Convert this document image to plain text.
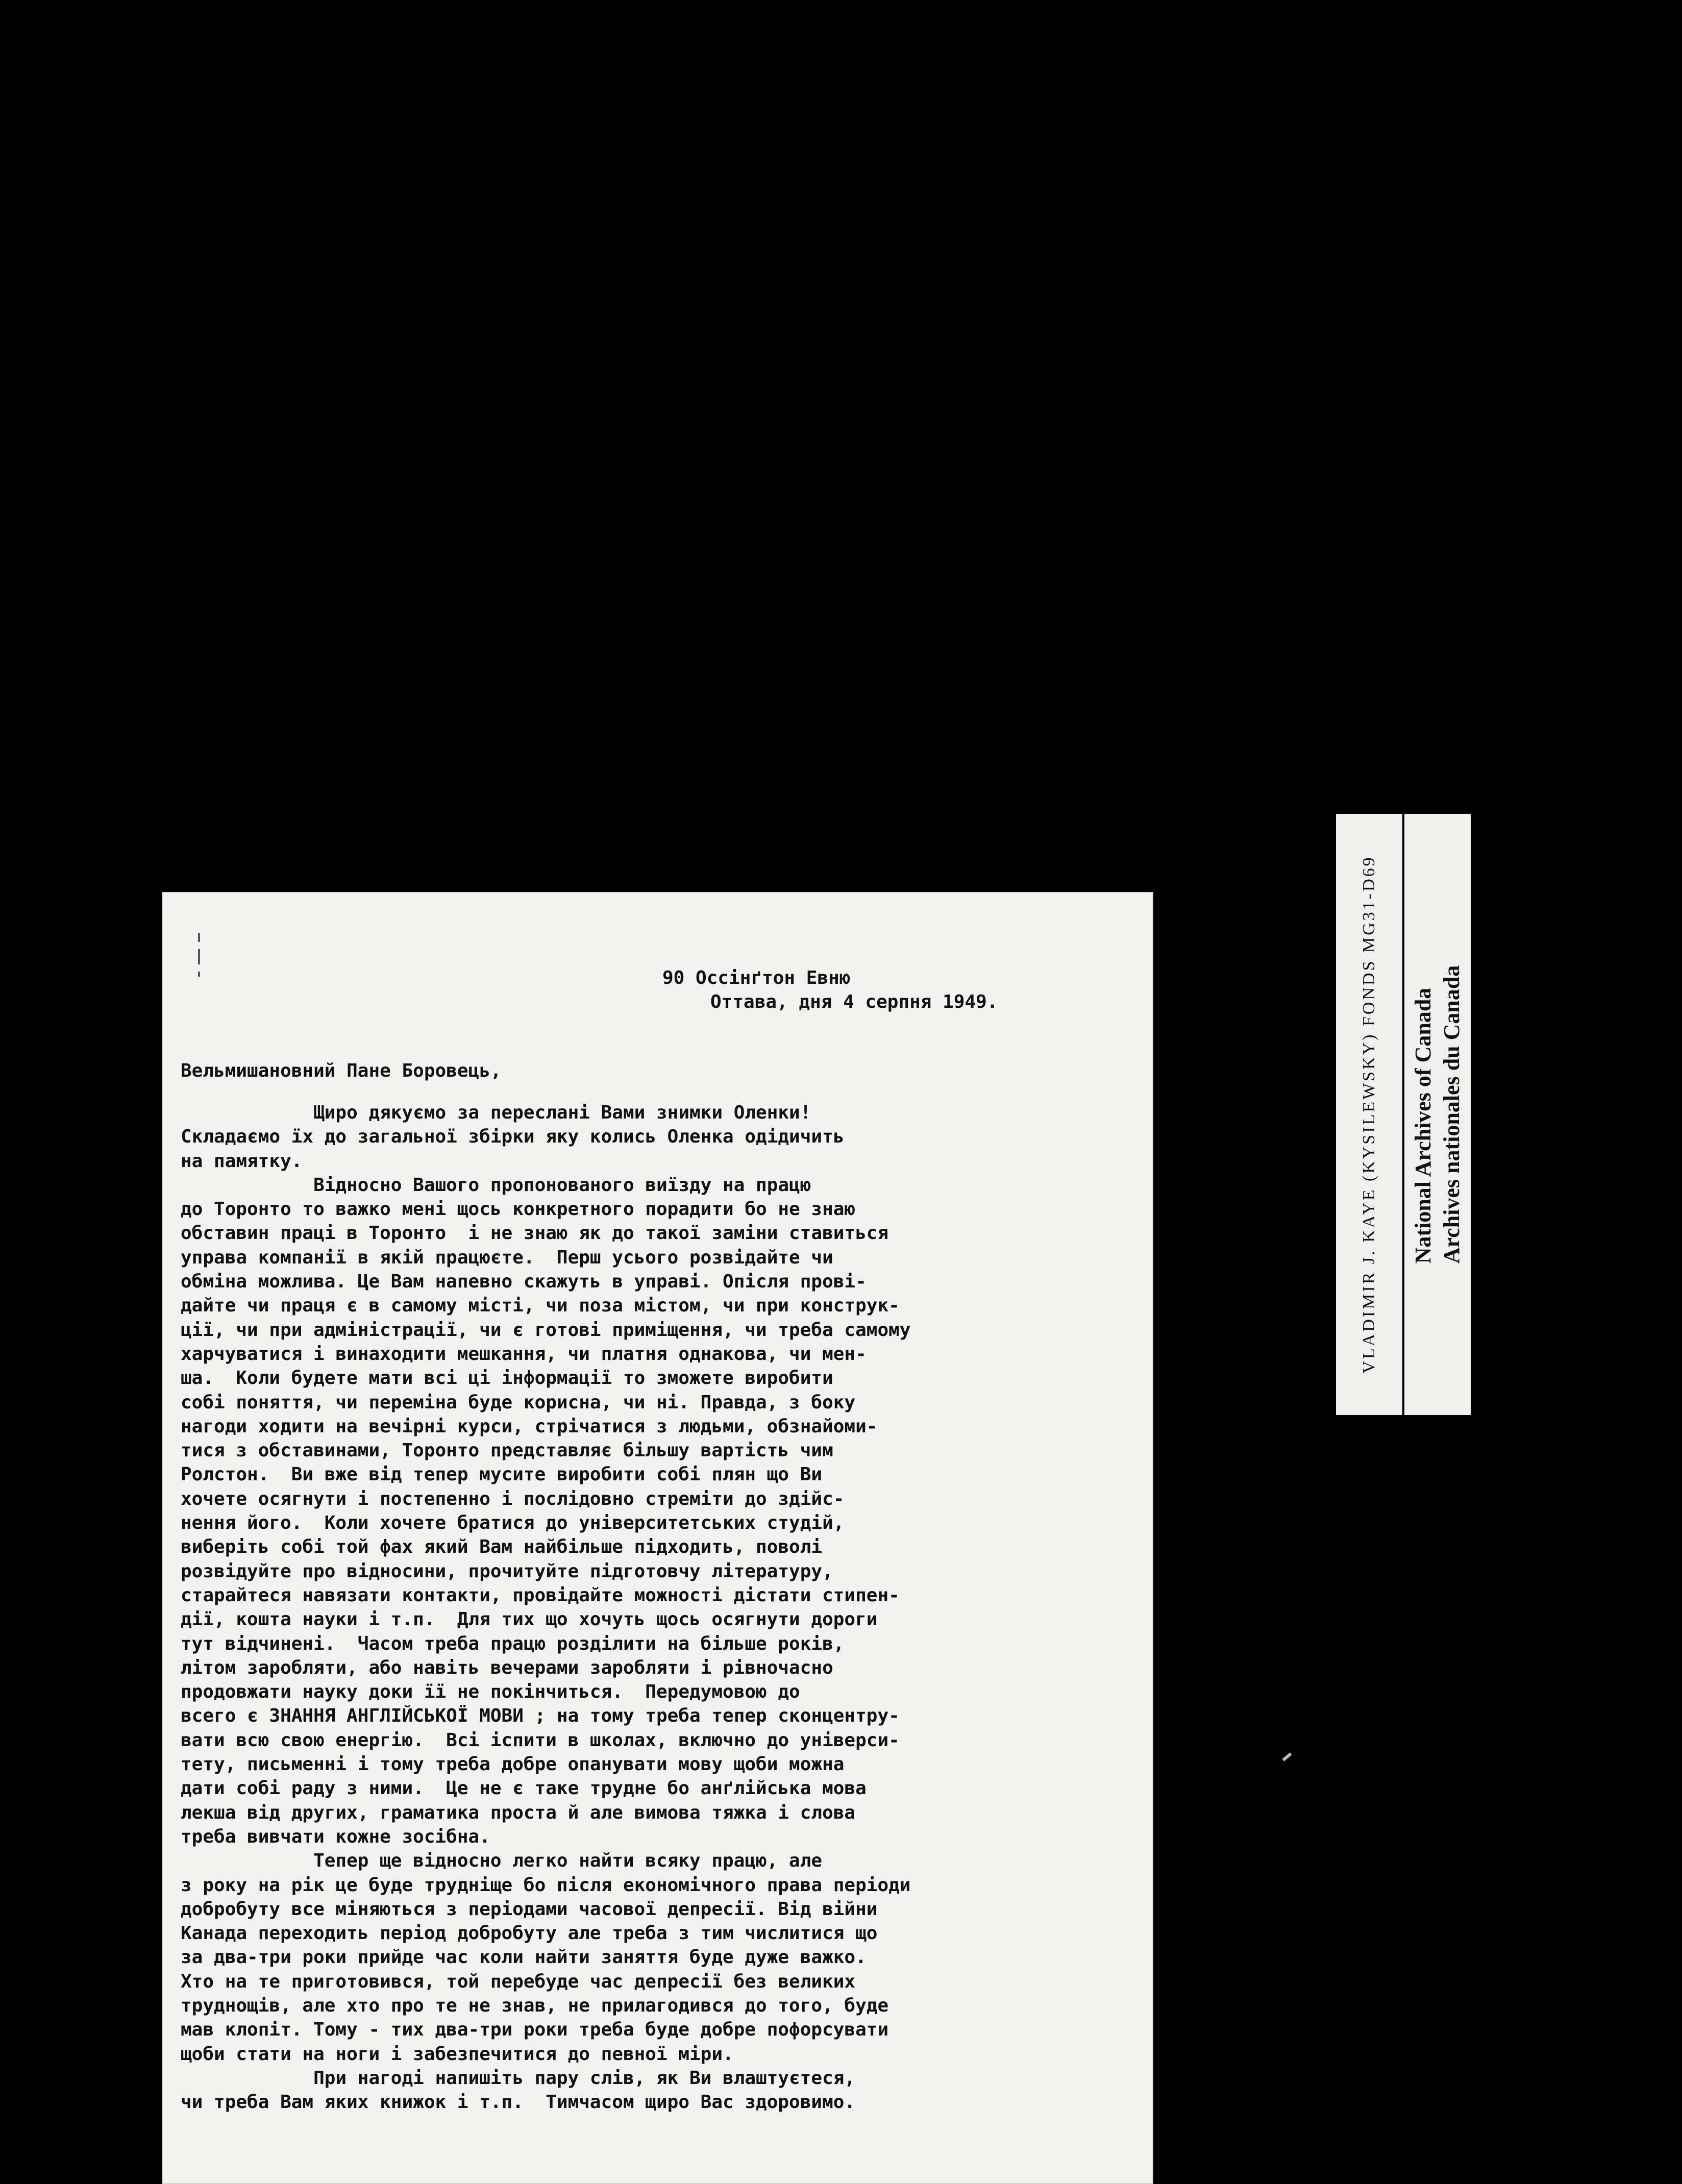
90 Оссінґтон Евню
Оттава, дня 4 серпня 1949.
Вельмишановний Пане Боровець,
Щиро дякуємо за переслані Вами знимки Оленки!
Складаємо їх до загальної збірки яку колись Оленка одідичить
на памятку.
Відносно Вашого пропонованого виїзду на працю
до Торонто то важко мені щось конкретного порадити бо не знаю
обставин праці в Торонто  і не знаю як до такої заміни ставиться
управа компанії в якій працюєте.  Перш усього розвідайте чи
обміна можлива. Це Вам напевно скажуть в управі. Опісля прові-
дайте чи праця є в самому місті, чи поза містом, чи при конструк-
ції, чи при адміністрації, чи є готові приміщення, чи треба самому
харчуватися і винаходити мешкання, чи платня однакова, чи мен-
ша.  Коли будете мати всі ці інформації то зможете виробити
собі поняття, чи переміна буде корисна, чи ні. Правда, з боку
нагоди ходити на вечірні курси, стрічатися з людьми, обзнайоми-
тися з обставинами, Торонто представляє більшу вартість чим
Ролстон.  Ви вже від тепер мусите виробити собі плян що Ви
хочете осягнути і постепенно і послідовно стреміти до здійс-
нення його.  Коли хочете братися до університетських студій,
виберіть собі той фах який Вам найбільше підходить, поволі
розвідуйте про відносини, прочитуйте підготовчу літературу,
старайтеся навязати контакти, провідайте можності дістати стипен-
дії, кошта науки і т.п.  Для тих що хочуть щось осягнути дороги
тут відчинені.  Часом треба працю розділити на більше років,
літом заробляти, або навіть вечерами заробляти і рівночасно
продовжати науку доки її не покінчиться.  Передумовою до
всего є ЗНАННЯ АНГЛІЙСЬКОЇ МОВИ ; на тому треба тепер сконцентру-
вати всю свою енергію.  Всі іспити в школах, включно до універси-
тету, письменні і тому треба добре опанувати мову щоби можна
дати собі раду з ними.  Це не є таке трудне бо анґлійська мова
лекша від других, граматика проста й але вимова тяжка і слова
треба вивчати кожне зосібна.
Тепер ще відносно легко найти всяку працю, але
з року на рік це буде трудніще бо після економічного права періоди
добробуту все міняються з періодами часової депресії. Від війни
Канада переходить період добробуту але треба з тим числитися що
за два-три роки прийде час коли найти заняття буде дуже важко.
Хто на те приготовився, той перебуде час депресії без великих
труднощів, але хто про те не знав, не прилагодився до того, буде
мав клопіт. Тому - тих два-три роки треба буде добре пофорсувати
щоби стати на ноги і забезпечитися до певної міри.
При нагоді напишіть пару слів, як Ви влаштуєтеся,
чи треба Вам яких книжок і т.п.  Тимчасом щиро Вас здоровимо.
VLADIMIR J. KAYE (KYSILEWSKY) FONDS MG31-D69 National Archives of Canada Archives nationales du Canada
